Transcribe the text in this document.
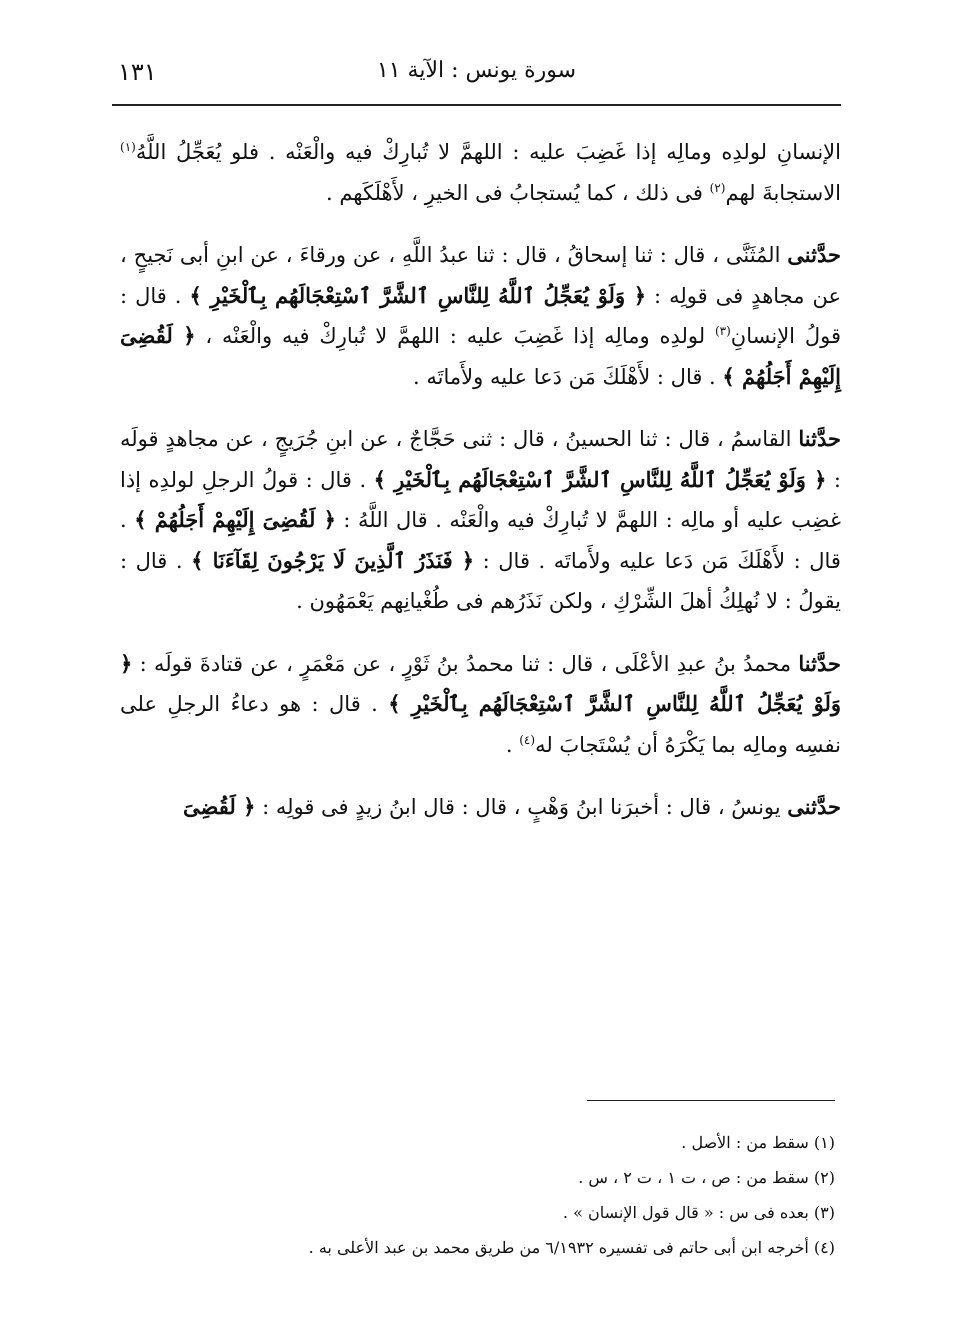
١٣١	سورة يونس : الآية ١١

الإنسانِ لولدِه ومالِه إذا غَضِبَ عليه : اللهمَّ لا تُبارِكْ فيه والْعَنْه . فلو يُعَجِّلُ اللَّهُ$^{(١)}$ الاستجابةَ لهم$^{(٢)}$ فى ذلك ، كما يُستجابُ فى الخيرِ ، لأَهْلَكَهم .

حدَّثنى المُثَنَّى ، قال : ثنا إسحاقُ ، قال : ثنا عبدُ اللَّهِ ، عن ورقاءَ ، عن ابنِ أبى نَجيحٍ ، عن مجاهدٍ فى قولِه : ﴿ وَلَوْ يُعَجِّلُ ٱللَّهُ لِلنَّاسِ ٱلشَّرَّ ٱسْتِعْجَالَهُم بِٱلْخَيْرِ ﴾ . قال : قولُ الإنسانِ$^{(٣)}$ لولدِه ومالِه إذا غَضِبَ عليه : اللهمَّ لا تُبارِكْ فيه والْعَنْه ، ﴿ لَقُضِىَ إِلَيْهِمْ أَجَلُهُمْ ﴾ . قال : لأَهْلَكَ مَن دَعا عليه ولأَماتَه .

حدَّثنا القاسمُ ، قال : ثنا الحسينُ ، قال : ثنى حَجَّاجٌ ، عن ابنِ جُرَيجٍ ، عن مجاهدٍ قولَه : ﴿ وَلَوْ يُعَجِّلُ ٱللَّهُ لِلنَّاسِ ٱلشَّرَّ ٱسْتِعْجَالَهُم بِٱلْخَيْرِ ﴾ . قال : قولُ الرجلِ لولدِه إذا غضِب عليه أو مالِه : اللهمَّ لا تُبارِكْ فيه والْعَنْه . قال اللَّهُ : ﴿ لَقُضِىَ إِلَيْهِمْ أَجَلُهُمْ ﴾ . قال : لأَهْلَكَ مَن دَعا عليه ولأَماتَه . قال : ﴿ فَنَذَرُ ٱلَّذِينَ لَا يَرْجُونَ لِقَآءَنَا ﴾ . قال : يقولُ : لا نُهلِكُ أهلَ الشِّرْكِ ، ولكن نَذَرُهم فى طُغْيانِهم يَعْمَهُون .

حدَّثنا محمدُ بنُ عبدِ الأعْلَى ، قال : ثنا محمدُ بنُ ثَوْرٍ ، عن مَعْمَرٍ ، عن قتادةَ قولَه : ﴿ وَلَوْ يُعَجِّلُ ٱللَّهُ لِلنَّاسِ ٱلشَّرَّ ٱسْتِعْجَالَهُم بِٱلْخَيْرِ ﴾ . قال : هو دعاءُ الرجلِ على نفسِه ومالِه بما يَكْرَهُ أن يُسْتَجابَ له$^{(٤)}$ .

حدَّثنى يونسُ ، قال : أخبرَنا ابنُ وَهْبٍ ، قال : قال ابنُ زيدٍ فى قولِه : ﴿ لَقُضِىَ

(١) سقط من : الأصل .

(٢) سقط من : ص ، ت ١ ، ت ٢ ، س .

(٣) بعده فى س : « قال قول الإنسان » .

(٤) أخرجه ابن أبى حاتم فى تفسيره ٦/١٩٣٢ من طريق محمد بن عبد الأعلى به .
